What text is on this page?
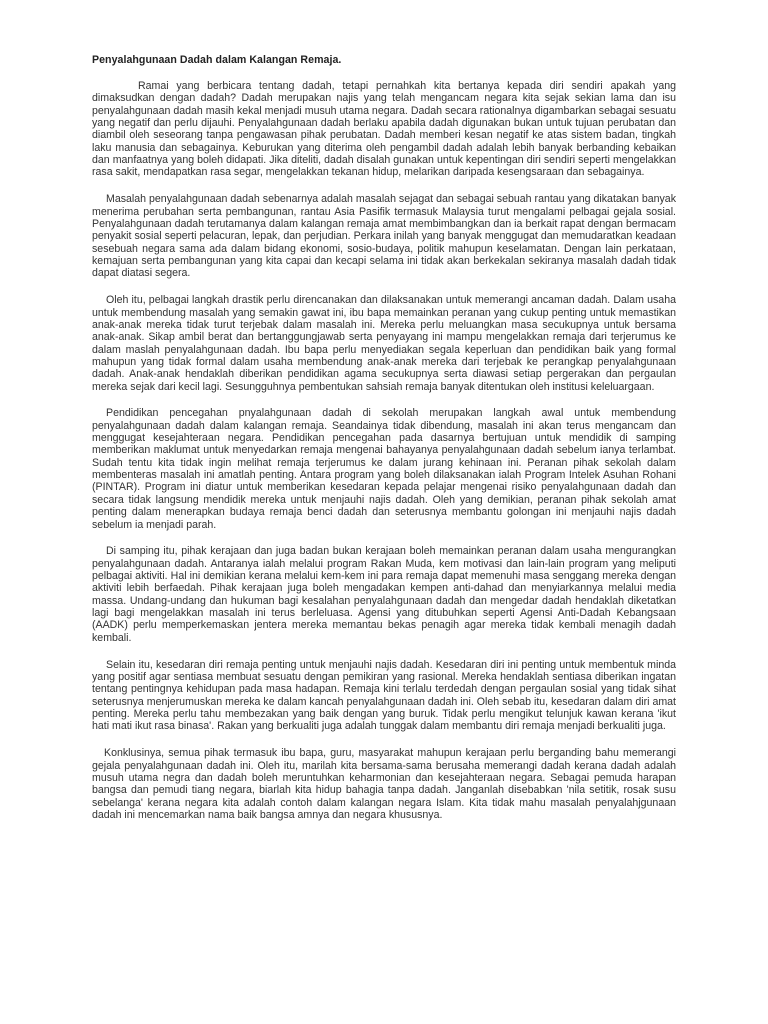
Penyalahgunaan Dadah dalam Kalangan Remaja.

Ramai yang berbicara tentang dadah, tetapi pernahkah kita bertanya kepada diri sendiri apakah yang dimaksudkan dengan dadah? Dadah merupakan najis yang telah mengancam negara kita sejak sekian lama dan isu penyalahgunaan dadah masih kekal menjadi musuh utama negara. Dadah secara rationalnya digambarkan sebagai sesuatu yang negatif dan perlu dijauhi. Penyalahgunaan dadah berlaku apabila dadah digunakan bukan untuk tujuan perubatan dan diambil oleh seseorang tanpa pengawasan pihak perubatan. Dadah memberi kesan negatif ke atas sistem badan, tingkah laku manusia dan sebagainya. Keburukan yang diterima oleh pengambil dadah adalah lebih banyak berbanding kebaikan dan manfaatnya yang boleh didapati. Jika diteliti, dadah disalah gunakan untuk kepentingan diri sendiri seperti mengelakkan rasa sakit, mendapatkan rasa segar, mengelakkan tekanan hidup, melarikan daripada kesengsaraan dan sebagainya.

Masalah penyalahgunaan dadah sebenarnya adalah masalah sejagat dan sebagai sebuah rantau yang dikatakan banyak menerima perubahan serta pembangunan, rantau Asia Pasifik termasuk Malaysia turut mengalami pelbagai gejala sosial. Penyalahgunaan dadah terutamanya dalam kalangan remaja amat membimbangkan dan ia berkait rapat dengan bermacam penyakit sosial seperti pelacuran, lepak, dan perjudian. Perkara inilah yang banyak menggugat dan memudaratkan keadaan sesebuah negara sama ada dalam bidang ekonomi, sosio-budaya, politik mahupun keselamatan. Dengan lain perkataan, kemajuan serta pembangunan yang kita capai dan kecapi selama ini tidak akan berkekalan sekiranya masalah dadah tidak dapat diatasi segera.

Oleh itu, pelbagai langkah drastik perlu direncanakan dan dilaksanakan untuk memerangi ancaman dadah. Dalam usaha untuk membendung masalah yang semakin gawat ini, ibu bapa memainkan peranan yang cukup penting untuk memastikan anak-anak mereka tidak turut terjebak dalam masalah ini. Mereka perlu meluangkan masa secukupnya untuk bersama anak-anak. Sikap ambil berat dan bertanggungjawab serta penyayang ini mampu mengelakkan remaja dari terjerumus ke dalam maslah penyalahgunaan dadah. Ibu bapa perlu menyediakan segala keperluan dan pendidikan baik yang formal mahupun yang tidak formal dalam usaha membendung anak-anak mereka dari terjebak ke perangkap penyalahgunaan dadah. Anak-anak hendaklah diberikan pendidikan agama secukupnya serta diawasi setiap pergerakan dan pergaulan mereka sejak dari kecil lagi. Sesungguhnya pembentukan sahsiah remaja banyak ditentukan oleh institusi keleluargaan.

Pendidikan pencegahan pnyalahgunaan dadah di sekolah merupakan langkah awal untuk membendung penyalahgunaan dadah dalam kalangan remaja. Seandainya tidak dibendung, masalah ini akan terus mengancam dan menggugat kesejahteraan negara. Pendidikan pencegahan pada dasarnya bertujuan untuk mendidik di samping memberikan maklumat untuk menyedarkan remaja mengenai bahayanya penyalahgunaan dadah sebelum ianya terlambat. Sudah tentu kita tidak ingin melihat remaja terjerumus ke dalam jurang kehinaan ini. Peranan pihak sekolah dalam membenteras masalah ini amatlah penting. Antara program yang boleh dilaksanakan ialah Program Intelek Asuhan Rohani (PINTAR). Program ini diatur untuk memberikan kesedaran kepada pelajar mengenai risiko penyalahgunaan dadah dan secara tidak langsung mendidik mereka untuk menjauhi najis dadah. Oleh yang demikian, peranan pihak sekolah amat penting dalam menerapkan budaya remaja benci dadah dan seterusnya membantu golongan ini menjauhi najis dadah sebelum ia menjadi parah.

Di samping itu, pihak kerajaan dan juga badan bukan kerajaan boleh memainkan peranan dalam usaha mengurangkan penyalahgunaan dadah. Antaranya ialah melalui program Rakan Muda, kem motivasi dan lain-lain program yang meliputi pelbagai aktiviti. Hal ini demikian kerana melalui kem-kem ini para remaja dapat memenuhi masa senggang mereka dengan aktiviti lebih berfaedah. Pihak kerajaan juga boleh mengadakan kempen anti-dahad dan menyiarkannya melalui media massa. Undang-undang dan hukuman bagi kesalahan penyalahgunaan dadah dan mengedar dadah hendaklah diketatkan lagi bagi mengelakkan masalah ini terus berleluasa. Agensi yang ditubuhkan seperti Agensi Anti-Dadah Kebangsaan (AADK) perlu memperkemaskan jentera mereka memantau bekas penagih agar mereka tidak kembali menagih dadah kembali.

Selain itu, kesedaran diri remaja penting untuk menjauhi najis dadah. Kesedaran diri ini penting untuk membentuk minda yang positif agar sentiasa membuat sesuatu dengan pemikiran yang rasional. Mereka hendaklah sentiasa diberikan ingatan tentang pentingnya kehidupan pada masa hadapan. Remaja kini terlalu terdedah dengan pergaulan sosial yang tidak sihat seterusnya menjerumuskan mereka ke dalam kancah penyalahgunaan dadah ini. Oleh sebab itu, kesedaran dalam diri amat penting. Mereka perlu tahu membezakan yang baik dengan yang buruk. Tidak perlu mengikut telunjuk kawan kerana 'ikut hati mati ikut rasa binasa'. Rakan yang berkualiti juga adalah tunggak dalam membantu diri remaja menjadi berkualiti juga.

Konklusinya, semua pihak termasuk ibu bapa, guru, masyarakat mahupun kerajaan perlu berganding bahu memerangi gejala penyalahgunaan dadah ini. Oleh itu, marilah kita bersama-sama berusaha memerangi dadah kerana dadah adalah musuh utama negra dan dadah boleh meruntuhkan keharmonian dan kesejahteraan negara. Sebagai pemuda harapan bangsa dan pemudi tiang negara, biarlah kita hidup bahagia tanpa dadah. Janganlah disebabkan 'nila setitik, rosak susu sebelanga' kerana negara kita adalah contoh dalam kalangan negara Islam. Kita tidak mahu masalah penyalahjgunaan dadah ini mencemarkan nama baik bangsa amnya dan negara khususnya.
